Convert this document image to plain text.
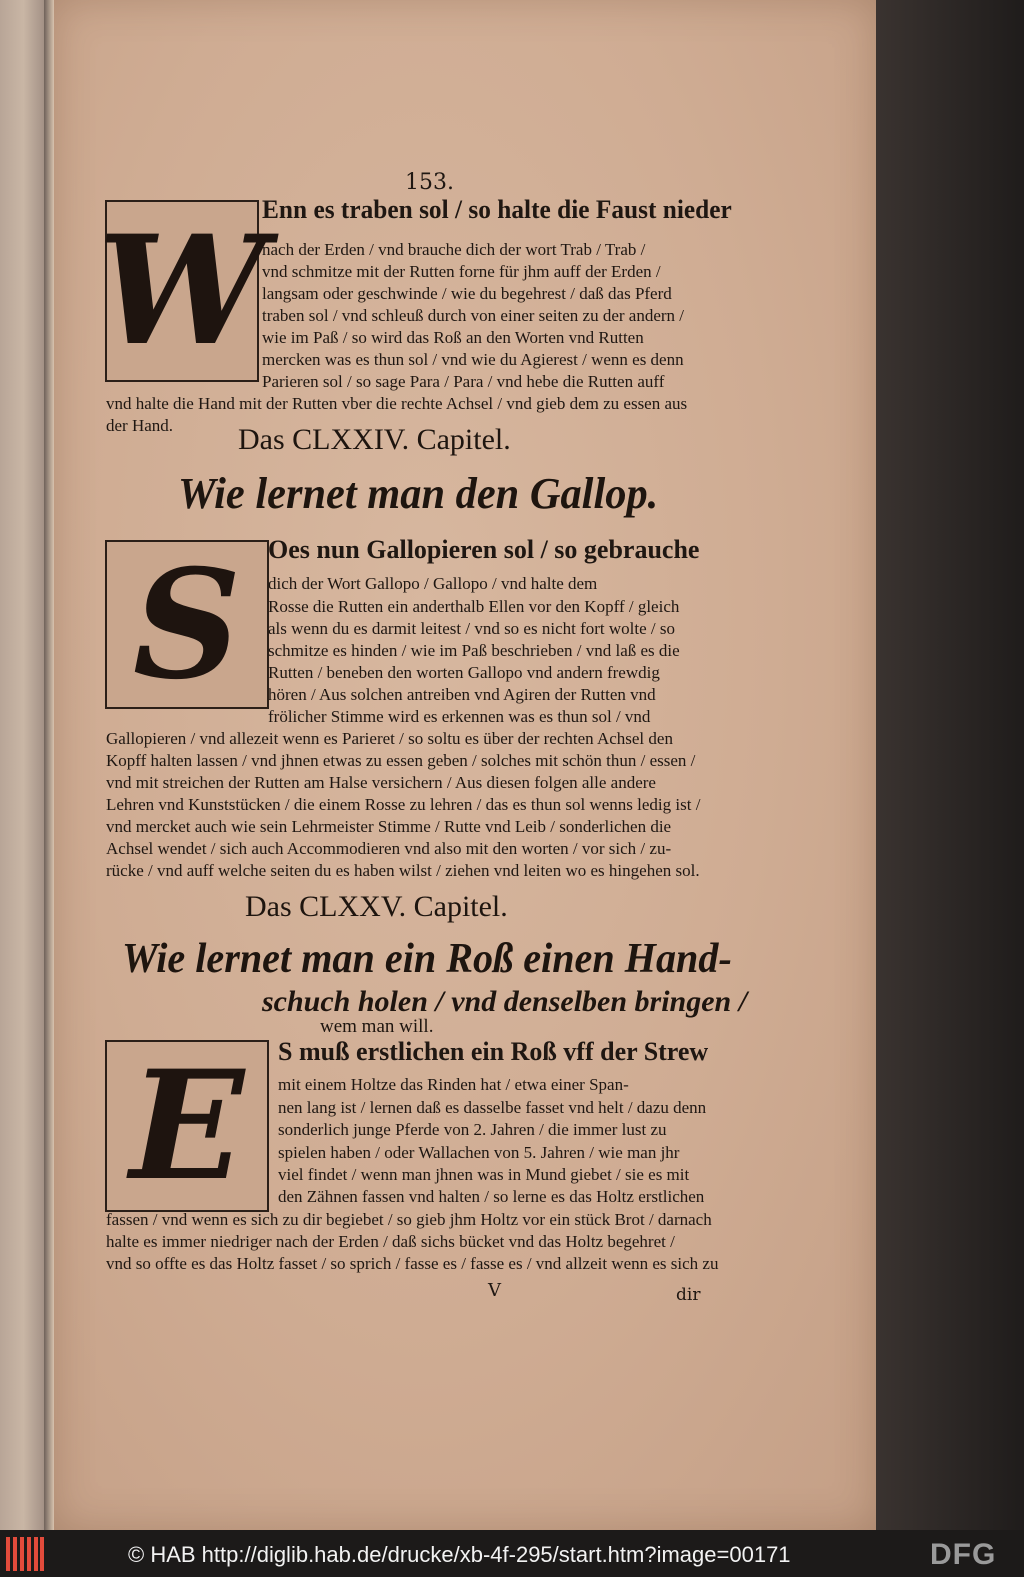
153.
W
Enn es traben sol / so halte die Faust nieder
nach der Erden / vnd brauche dich der wort Trab / Trab /
vnd schmitze mit der Rutten forne für jhm auff der Erden /
langsam oder geschwinde / wie du begehrest / daß das Pferd
traben sol / vnd schleuß durch von einer seiten zu der andern /
wie im Paß / so wird das Roß an den Worten vnd Rutten
mercken was es thun sol / vnd wie du Agierest / wenn es denn
Parieren sol / so sage Para / Para / vnd hebe die Rutten auff
vnd halte die Hand mit der Rutten vber die rechte Achsel / vnd gieb dem zu essen aus
der Hand.	Das CLXXIV. Capitel.
Wie lernet man den Gallop.
S Oes nun Gallopieren sol / so gebrauche
dich der Wort Gallopo / Gallopo / vnd halte dem
Rosse die Rutten ein anderthalb Ellen vor den Kopff / gleich
als wenn du es darmit leitest / vnd so es nicht fort wolte / so
schmitze es hinden / wie im Paß beschrieben / vnd laß es die
Rutten / beneben den worten Gallopo vnd andern frewdig
hören / Aus solchen antreiben vnd Agiren der Rutten vnd
frölicher Stimme wird es erkennen was es thun sol / vnd
Gallopieren / vnd allezeit wenn es Parieret / so soltu es über der rechten Achsel den
Kopff halten lassen / vnd jhnen etwas zu essen geben / solches mit schön thun / essen /
vnd mit streichen der Rutten am Halse versichern / Aus diesen folgen alle andere
Lehren vnd Kunststücken / die einem Rosse zu lehren / das es thun sol wenns ledig ist /
vnd mercket auch wie sein Lehrmeister Stimme / Rutte vnd Leib / sonderlichen die
Achsel wendet / sich auch Accommodieren vnd also mit den worten / vor sich / zu-
rücke / vnd auff welche seiten du es haben wilst / ziehen vnd leiten wo es hingehen sol.
Das CLXXV. Capitel.
Wie lernet man ein Roß einen Hand-
schuch holen / vnd denselben bringen /
wem man will.
E S muß erstlichen ein Roß vff der Strew
mit einem Holtze das Rinden hat / etwa einer Span-
nen lang ist / lernen daß es dasselbe fasset vnd helt / dazu denn
sonderlich junge Pferde von 2. Jahren / die immer lust zu
spielen haben / oder Wallachen von 5. Jahren / wie man jhr
viel findet / wenn man jhnen was in Mund giebet / sie es mit
den Zähnen fassen vnd halten / so lerne es das Holtz erstlichen
fassen / vnd wenn es sich zu dir begiebet / so gieb jhm Holtz vor ein stück Brot / darnach
halte es immer niedriger nach der Erden / daß sichs bücket vnd das Holtz begehret /
vnd so offte es das Holtz fasset / so sprich / fasse es / fasse es / vnd allzeit wenn es sich zu
V	dir
© HAB http://diglib.hab.de/drucke/xb-4f-295/start.htm?image=00171	DFG
